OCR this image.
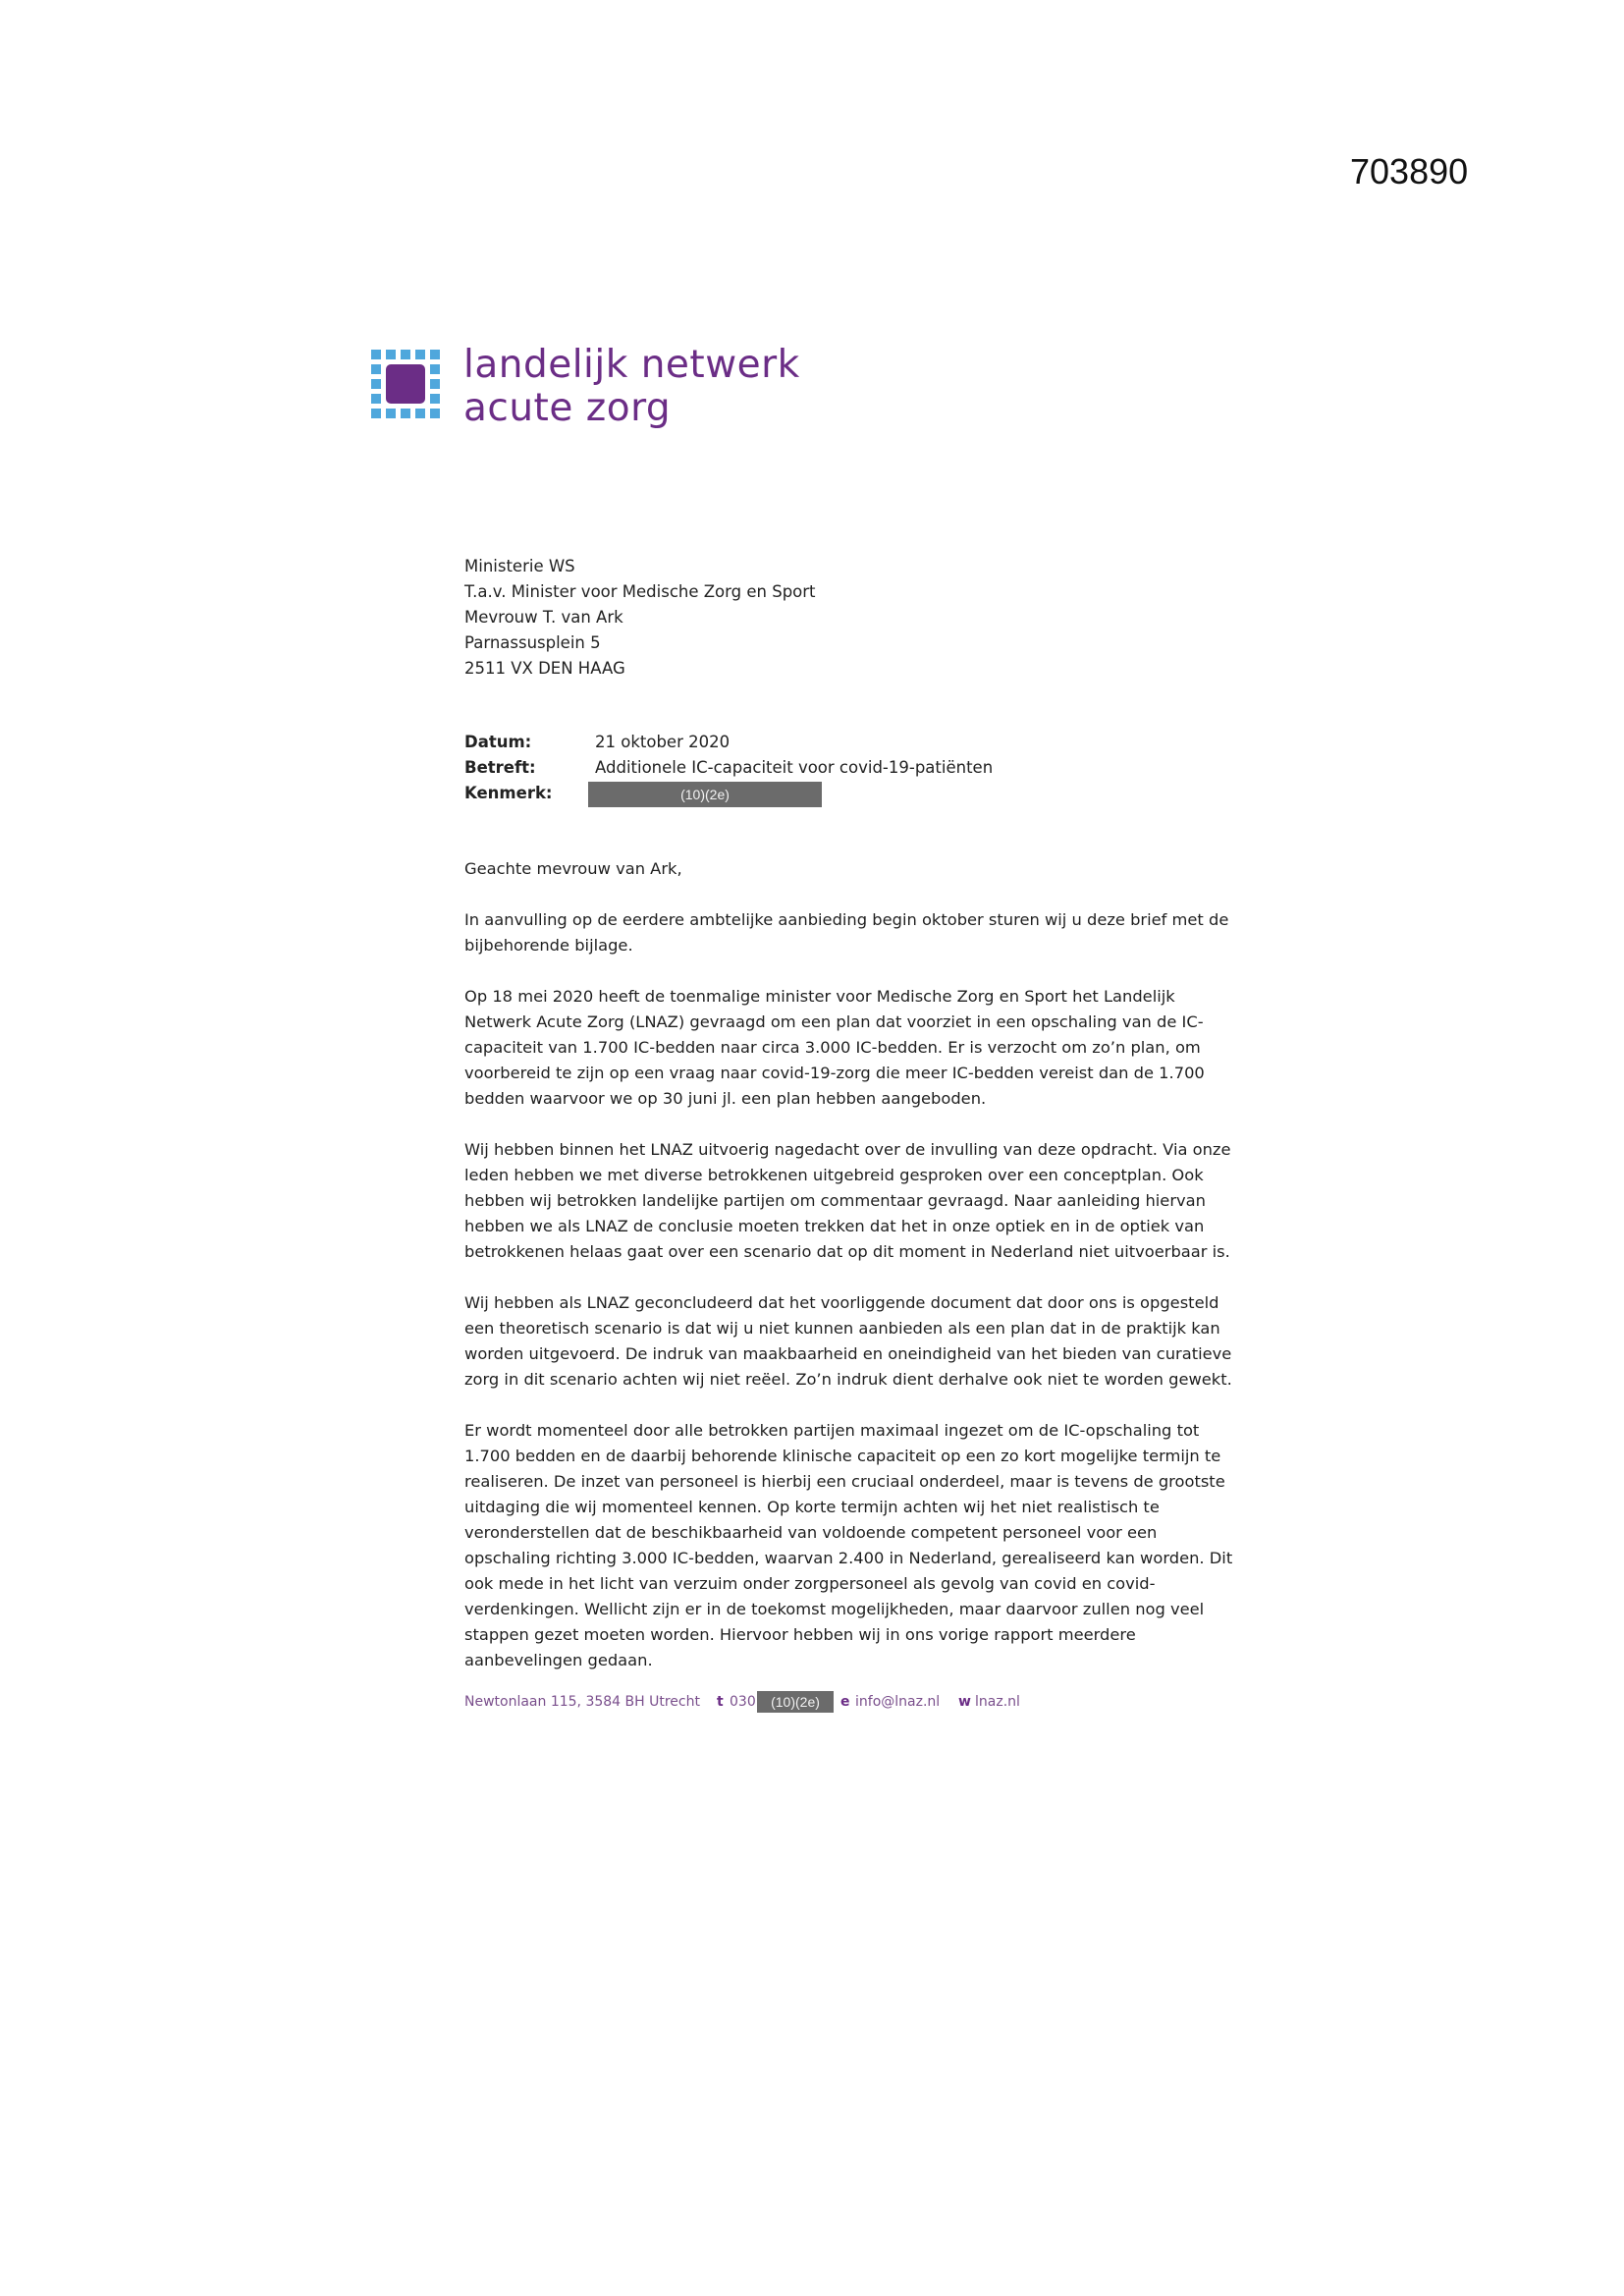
703890
landelijk netwerk
acute zorg
Ministerie WS
T.a.v. Minister voor Medische Zorg en Sport
Mevrouw T. van Ark
Parnassusplein 5
2511 VX DEN HAAG
Datum:	21 oktober 2020
Betreft:	Additionele IC-capaciteit voor covid-19-patiënten
Kenmerk:	(10)(2e)

Geachte mevrouw van Ark,

In aanvulling op de eerdere ambtelijke aanbieding begin oktober sturen wij u deze brief met de bijbehorende bijlage.

Op 18 mei 2020 heeft de toenmalige minister voor Medische Zorg en Sport het Landelijk Netwerk Acute Zorg (LNAZ) gevraagd om een plan dat voorziet in een opschaling van de IC-capaciteit van 1.700 IC-bedden naar circa 3.000 IC-bedden. Er is verzocht om zo’n plan, om voorbereid te zijn op een vraag naar covid-19-zorg die meer IC-bedden vereist dan de 1.700 bedden waarvoor we op 30 juni jl. een plan hebben aangeboden.

Wij hebben binnen het LNAZ uitvoerig nagedacht over de invulling van deze opdracht. Via onze leden hebben we met diverse betrokkenen uitgebreid gesproken over een conceptplan. Ook hebben wij betrokken landelijke partijen om commentaar gevraagd. Naar aanleiding hiervan hebben we als LNAZ de conclusie moeten trekken dat het in onze optiek en in de optiek van betrokkenen helaas gaat over een scenario dat op dit moment in Nederland niet uitvoerbaar is.

Wij hebben als LNAZ geconcludeerd dat het voorliggende document dat door ons is opgesteld een theoretisch scenario is dat wij u niet kunnen aanbieden als een plan dat in de praktijk kan worden uitgevoerd. De indruk van maakbaarheid en oneindigheid van het bieden van curatieve zorg in dit scenario achten wij niet reëel. Zo’n indruk dient derhalve ook niet te worden gewekt.

Er wordt momenteel door alle betrokken partijen maximaal ingezet om de IC-opschaling tot 1.700 bedden en de daarbij behorende klinische capaciteit op een zo kort mogelijke termijn te realiseren. De inzet van personeel is hierbij een cruciaal onderdeel, maar is tevens de grootste uitdaging die wij momenteel kennen. Op korte termijn achten wij het niet realistisch te veronderstellen dat de beschikbaarheid van voldoende competent personeel voor een opschaling richting 3.000 IC-bedden, waarvan 2.400 in Nederland, gerealiseerd kan worden. Dit ook mede in het licht van verzuim onder zorgpersoneel als gevolg van covid en covid-verdenkingen. Wellicht zijn er in de toekomst mogelijkheden, maar daarvoor zullen nog veel stappen gezet moeten worden. Hiervoor hebben wij in ons vorige rapport meerdere aanbevelingen gedaan.

Newtonlaan 115, 3584 BH Utrecht t 030	(10)(2e)	e info@lnaz.nl w lnaz.nl
